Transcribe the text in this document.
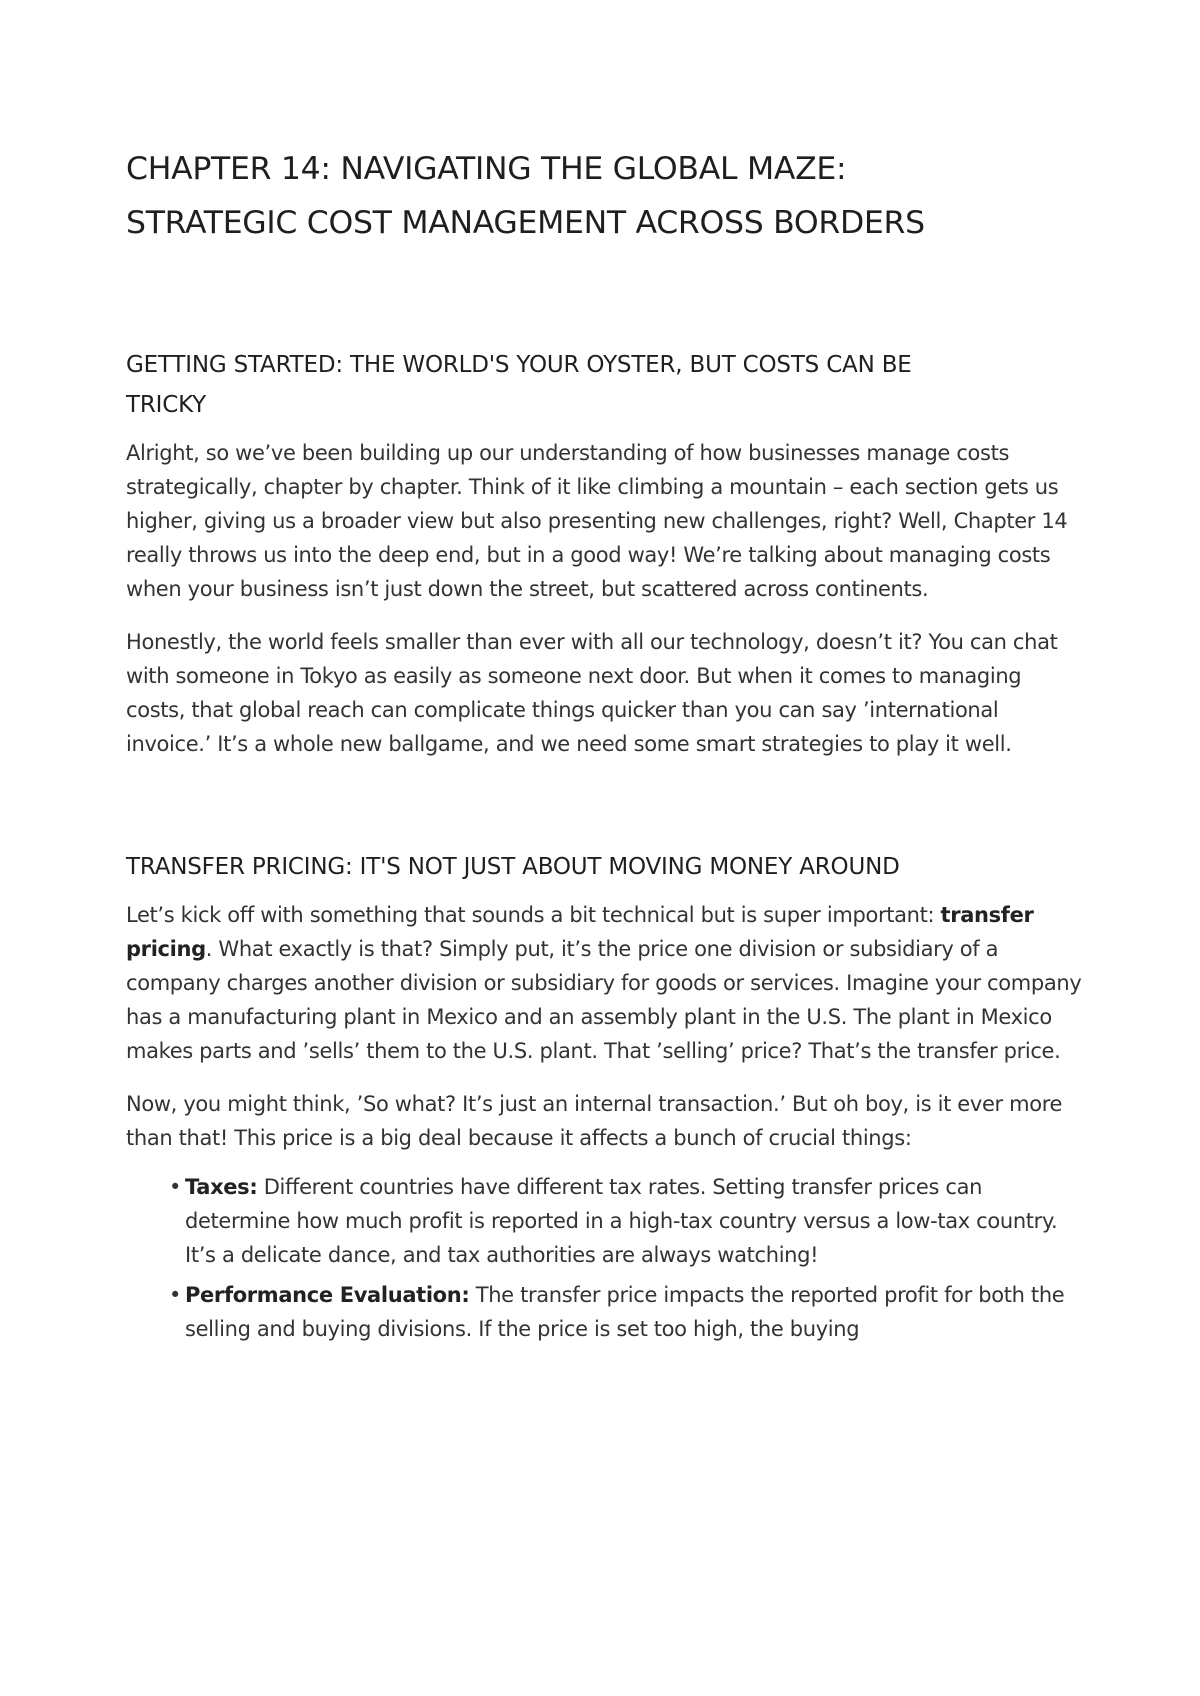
CHAPTER 14: NAVIGATING THE GLOBAL MAZE:
STRATEGIC COST MANAGEMENT ACROSS BORDERS
GETTING STARTED: THE WORLD'S YOUR OYSTER, BUT COSTS CAN BE
TRICKY

Alright, so we’ve been building up our understanding of how businesses manage costs strategically, chapter by chapter. Think of it like climbing a mountain – each section gets us higher, giving us a broader view but also presenting new challenges, right? Well, Chapter 14 really throws us into the deep end, but in a good way! We’re talking about managing costs when your business isn’t just down the street, but scattered across continents.

Honestly, the world feels smaller than ever with all our technology, doesn’t it? You can chat with someone in Tokyo as easily as someone next door. But when it comes to managing costs, that global reach can complicate things quicker than you can say ’international invoice.’ It’s a whole new ballgame, and we need some smart strategies to play it well.

TRANSFER PRICING: IT'S NOT JUST ABOUT MOVING MONEY AROUND

Let’s kick off with something that sounds a bit technical but is super important: transfer pricing. What exactly is that? Simply put, it’s the price one division or subsidiary of a company charges another division or subsidiary for goods or services. Imagine your company has a manufacturing plant in Mexico and an assembly plant in the U.S. The plant in Mexico makes parts and ’sells’ them to the U.S. plant. That ’selling’ price? That’s the transfer price.

Now, you might think, ’So what? It’s just an internal transaction.’ But oh boy, is it ever more than that! This price is a big deal because it affects a bunch of crucial things:

• Taxes: Different countries have different tax rates. Setting transfer prices can determine how much profit is reported in a high-tax country versus a low-tax country. It’s a delicate dance, and tax authorities are always watching!
• Performance Evaluation: The transfer price impacts the reported profit for both the selling and buying divisions. If the price is set too high, the buying
